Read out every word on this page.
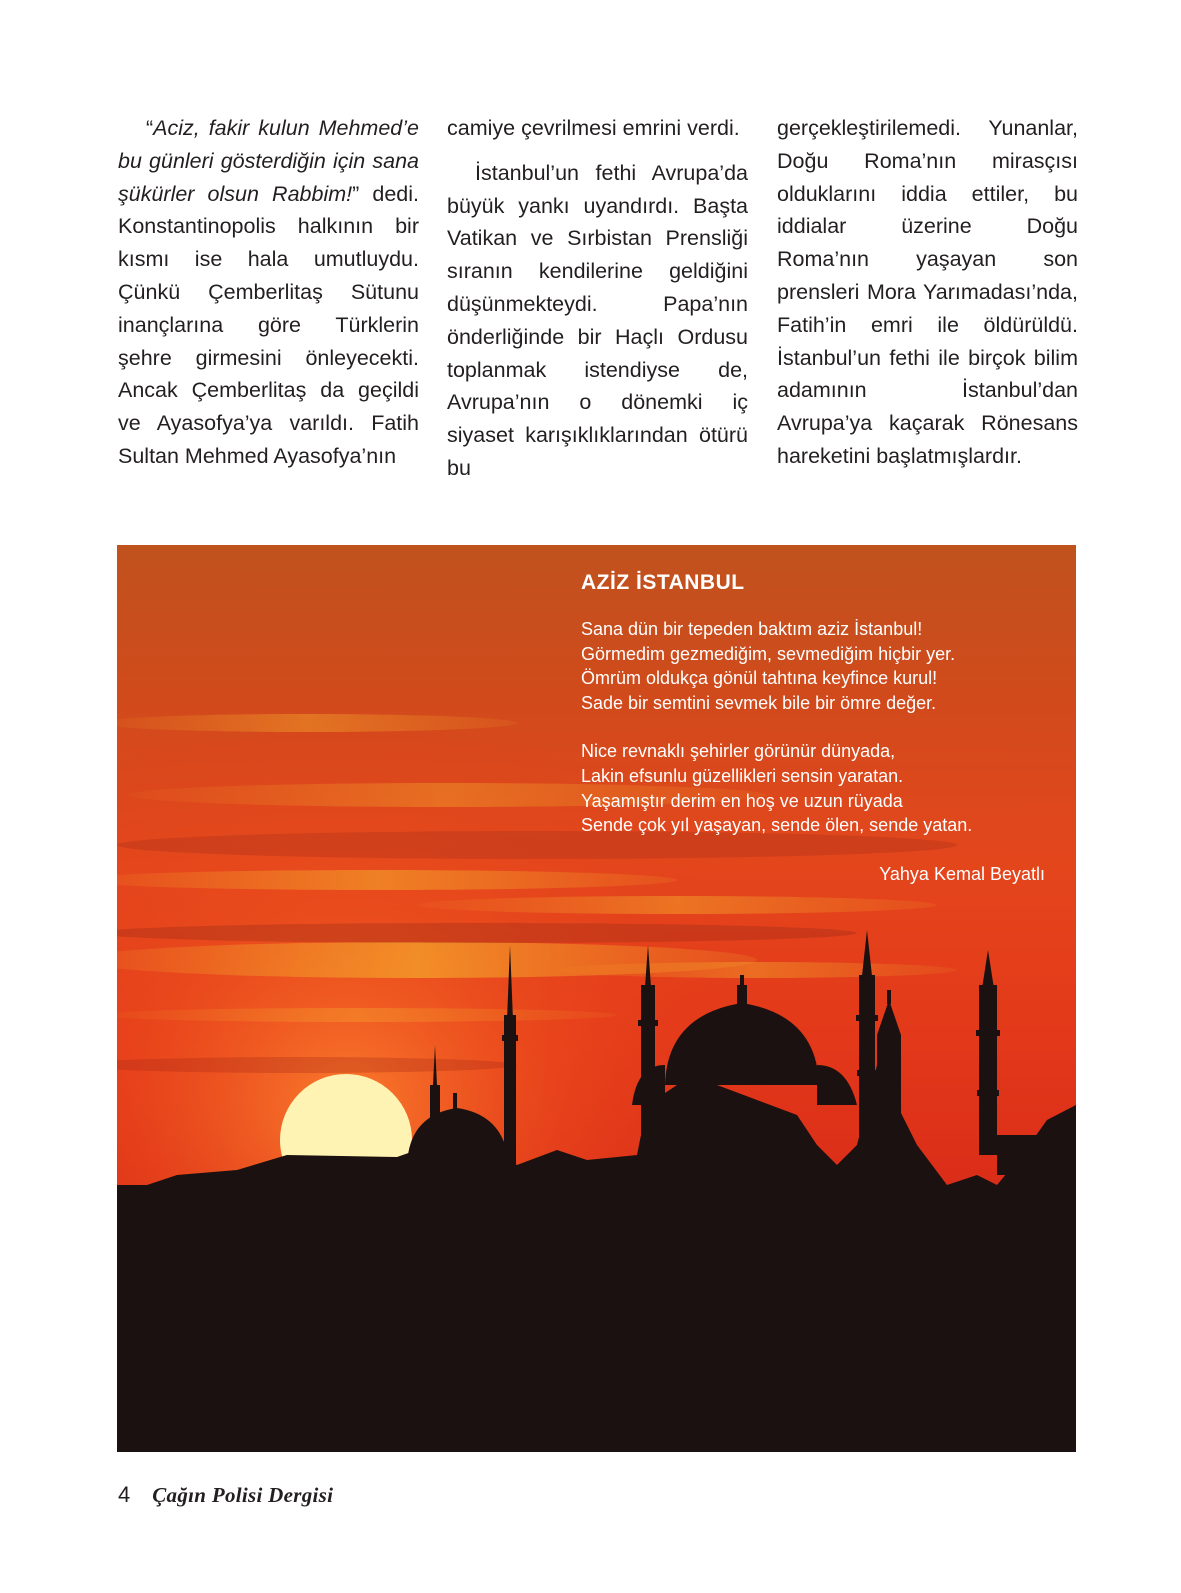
“Aciz, fakir kulun Mehmed’e bu günleri gösterdiğin için sana şükürler olsun Rabbim!” dedi. Konstantinopolis halkının bir kısmı ise hala umutluydu. Çünkü Çemberlitaş Sütunu inançlarına göre Türklerin şehre girmesini önleyecekti. Ancak Çemberlitaş da geçildi ve Ayasofya’ya varıldı. Fatih Sultan Mehmed Ayasofya’nın

camiye çevrilmesi emrini verdi.

İstanbul’un fethi Avrupa’da büyük yankı uyandırdı. Başta Vatikan ve Sırbistan Prensliği sıranın kendilerine geldiğini düşünmekteydi. Papa’nın önderliğinde bir Haçlı Ordusu toplanmak istendiyse de, Avrupa’nın o dönemki iç siyaset karışıklıklarından ötürü bu

gerçekleştirilemedi. Yunanlar, Doğu Roma’nın mirasçısı olduklarını iddia ettiler, bu iddialar üzerine Doğu Roma’nın yaşayan son prensleri Mora Yarımadası’nda, Fatih’in emri ile öldürüldü. İstanbul’un fethi ile birçok bilim adamının İstanbul’dan Avrupa’ya kaçarak Rönesans hareketini başlatmışlardır.

AZİZ İSTANBUL
Sana dün bir tepeden baktım aziz İstanbul!
Görmedim gezmediğim, sevmediğim hiçbir yer.
Ömrüm oldukça gönül tahtına keyfince kurul!
Sade bir semtini sevmek bile bir ömre değer.
Nice revnaklı şehirler görünür dünyada,
Lakin efsunlu güzellikleri sensin yaratan.
Yaşamıştır derim en hoş ve uzun rüyada
Sende çok yıl yaşayan, sende ölen, sende yatan.
Yahya Kemal Beyatlı
4 Çağın Polisi Dergisi
